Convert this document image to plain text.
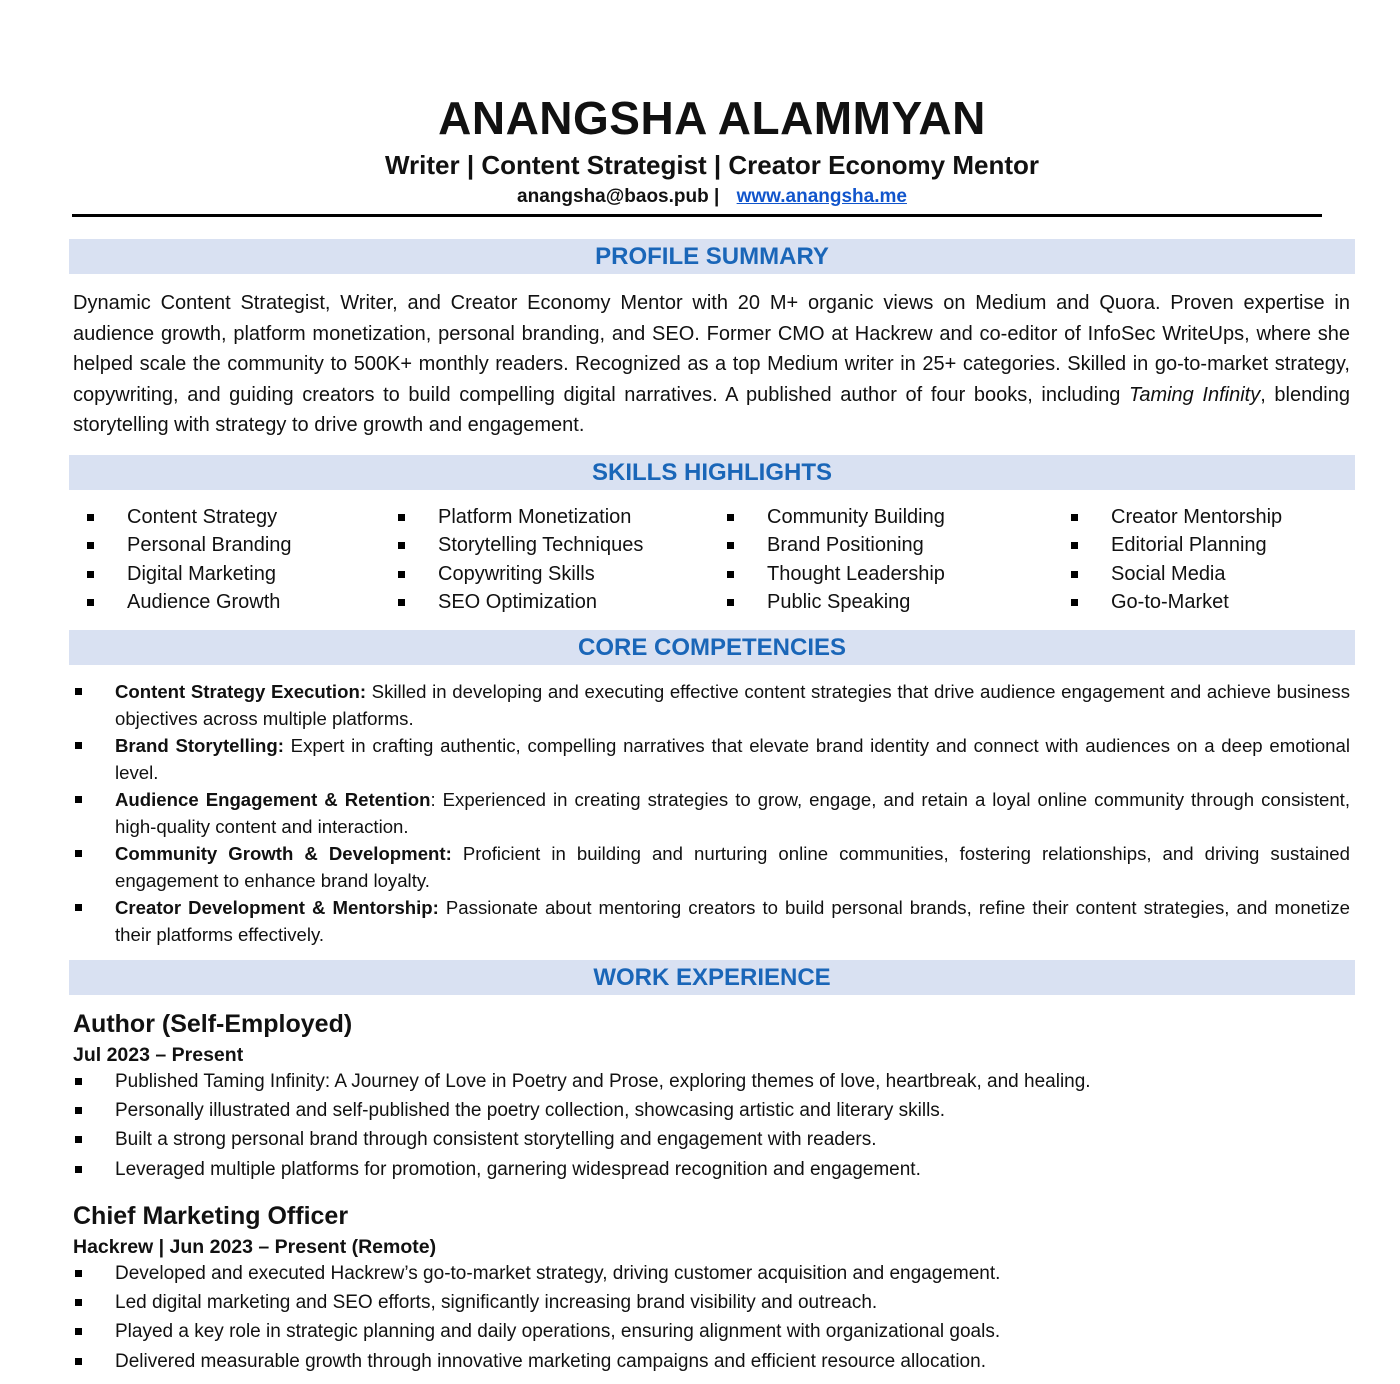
ANANGSHA ALAMMYAN
Writer | Content Strategist | Creator Economy Mentor
anangsha@baos.pub | www.anangsha.me
PROFILE SUMMARY

Dynamic Content Strategist, Writer, and Creator Economy Mentor with 20 M+ organic views on Medium and Quora. Proven expertise in audience growth, platform monetization, personal branding, and SEO. Former CMO at Hackrew and co-editor of InfoSec WriteUps, where she helped scale the community to 500K+ monthly readers. Recognized as a top Medium writer in 25+ categories. Skilled in go-to-market strategy, copywriting, and guiding creators to build compelling digital narratives. A published author of four books, including Taming Infinity, blending storytelling with strategy to drive growth and engagement.

SKILLS HIGHLIGHTS
Content Strategy
Personal Branding
Digital Marketing
Audience Growth
Platform Monetization
Storytelling Techniques
Copywriting Skills
SEO Optimization
Community Building
Brand Positioning
Thought Leadership
Public Speaking
Creator Mentorship
Editorial Planning
Social Media
Go-to-Market
CORE COMPETENCIES
Content Strategy Execution: Skilled in developing and executing effective content strategies that drive audience engagement and achieve business objectives across multiple platforms.
Brand Storytelling: Expert in crafting authentic, compelling narratives that elevate brand identity and connect with audiences on a deep emotional level.
Audience Engagement & Retention: Experienced in creating strategies to grow, engage, and retain a loyal online community through consistent, high-quality content and interaction.
Community Growth & Development: Proficient in building and nurturing online communities, fostering relationships, and driving sustained engagement to enhance brand loyalty.
Creator Development & Mentorship: Passionate about mentoring creators to build personal brands, refine their content strategies, and monetize their platforms effectively.
WORK EXPERIENCE
Author (Self-Employed)
Jul 2023 – Present
Published Taming Infinity: A Journey of Love in Poetry and Prose, exploring themes of love, heartbreak, and healing.
Personally illustrated and self-published the poetry collection, showcasing artistic and literary skills.
Built a strong personal brand through consistent storytelling and engagement with readers.
Leveraged multiple platforms for promotion, garnering widespread recognition and engagement.
Chief Marketing Officer
Hackrew | Jun 2023 – Present (Remote)
Developed and executed Hackrew’s go-to-market strategy, driving customer acquisition and engagement.
Led digital marketing and SEO efforts, significantly increasing brand visibility and outreach.
Played a key role in strategic planning and daily operations, ensuring alignment with organizational goals.
Delivered measurable growth through innovative marketing campaigns and efficient resource allocation.
